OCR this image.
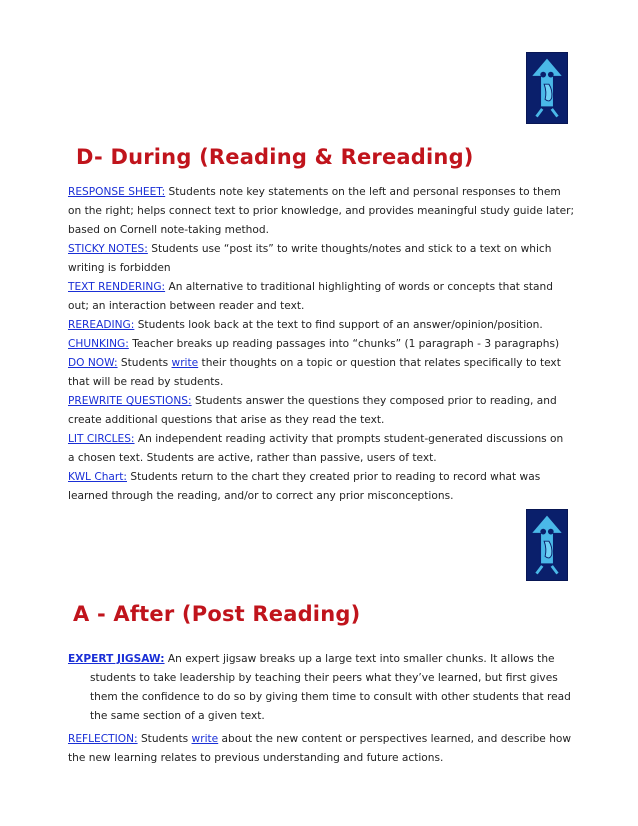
D- During (Reading & Rereading)
RESPONSE SHEET: Students note key statements on the left and personal responses to them
on the right; helps connect text to prior knowledge, and provides meaningful study guide later;
based on Cornell note-taking method.
STICKY NOTES: Students use “post its” to write thoughts/notes and stick to a text on which
writing is forbidden
TEXT RENDERING: An alternative to traditional highlighting of words or concepts that stand
out; an interaction between reader and text.
REREADING: Students look back at the text to find support of an answer/opinion/position.
CHUNKING: Teacher breaks up reading passages into “chunks” (1 paragraph - 3 paragraphs)
DO NOW: Students write their thoughts on a topic or question that relates specifically to text
that will be read by students.
PREWRITE QUESTIONS: Students answer the questions they composed prior to reading, and
create additional questions that arise as they read the text.
LIT CIRCLES: An independent reading activity that prompts student-generated discussions on
a chosen text. Students are active, rather than passive, users of text.
KWL Chart: Students return to the chart they created prior to reading to record what was
learned through the reading, and/or to correct any prior misconceptions.
A - After (Post Reading)
EXPERT JIGSAW: An expert jigsaw breaks up a large text into smaller chunks. It allows the
students to take leadership by teaching their peers what they’ve learned, but first gives
them the confidence to do so by giving them time to consult with other students that read
the same section of a given text.
REFLECTION: Students write about the new content or perspectives learned, and describe how
the new learning relates to previous understanding and future actions.
